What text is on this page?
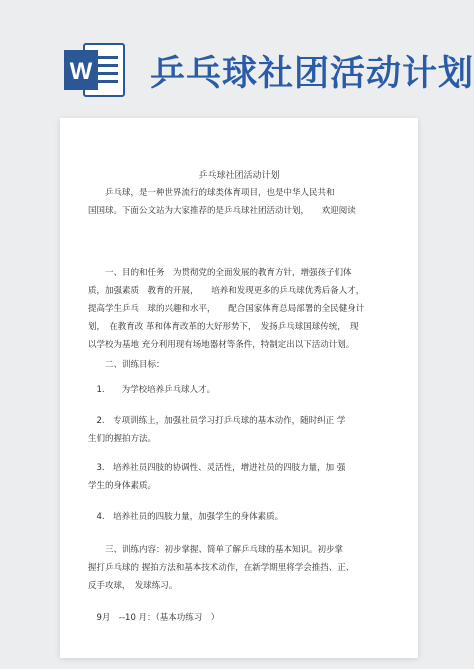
W 乒乓球社团活动计划
乒乓球社团活动计划

　　乒乓球，是一种世界流行的球类体育项目，也是中华人民共和
国国球。下面公文站为大家推荐的是乒乓球社团活动计划，　　欢迎阅读

　　一、目的和任务　为贯彻党的全面发展的教育方针，增强孩子们体
质，加强素质　教育的开展，　　培养和发现更多的乒乓球优秀后备人才，
提高学生乒乓　球的兴趣和水平，　　配合国家体育总局部署的全民健身计
划，　在教育改 革和体育改革的大好形势下，　发扬乒乓球国球传统，　现
以学校为基地 充分利用现有场地器材等条件，特制定出以下活动计划。

　　二、训练目标：

　1.　　为学校培养乒乓球人才。

　2.　专项训练上，加强社员学习打乒乓球的基本动作，随时纠正 学
生们的握拍方法。

　3.　培养社员四肢的协调性、灵活性，增进社员的四肢力量，加 强
学生的身体素质。

　4.　培养社员的四肢力量，加强学生的身体素质。

　　三、训练内容：初步掌握、简单了解乒乓球的基本知识。初步掌
握打乒乓球的 握拍方法和基本技术动作，在新学期里将学会推挡、正、
反手攻球，　发球练习。

　9月　--10 月：（基本功练习　）
